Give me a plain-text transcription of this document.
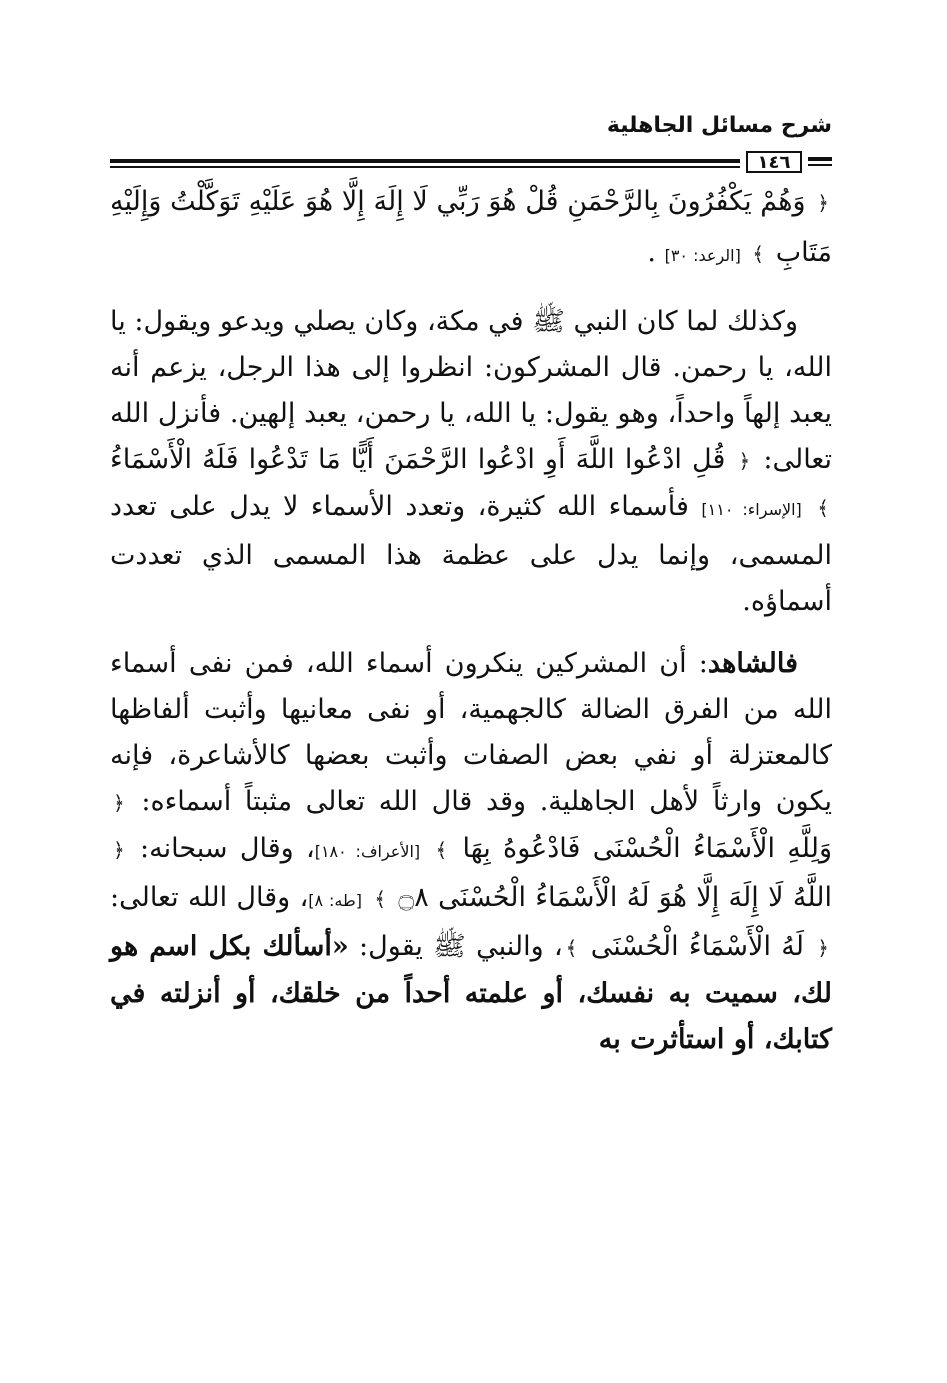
شرح مسائل الجاهلية
١٤٦

﴿ وَهُمْ يَكْفُرُونَ بِالرَّحْمَنِ قُلْ هُوَ رَبِّي لَا إِلَهَ إِلَّا هُوَ عَلَيْهِ تَوَكَّلْتُ وَإِلَيْهِ مَتَابِ ﴾ [الرعد: ٣٠] .

وكذلك لما كان النبي ﷺ في مكة، وكان يصلي ويدعو ويقول: يا الله، يا رحمن. قال المشركون: انظروا إلى هذا الرجل، يزعم أنه يعبد إلهاً واحداً، وهو يقول: يا الله، يا رحمن، يعبد إلهين. فأنزل الله تعالى: ﴿ قُلِ ادْعُوا اللَّهَ أَوِ ادْعُوا الرَّحْمَنَ أَيًّا مَا تَدْعُوا فَلَهُ الْأَسْمَاءُ ﴾ [الإسراء: ١١٠] فأسماء الله كثيرة، وتعدد الأسماء لا يدل على تعدد المسمى، وإنما يدل على عظمة هذا المسمى الذي تعددت أسماؤه.

فالشاهد: أن المشركين ينكرون أسماء الله، فمن نفى أسماء الله من الفرق الضالة كالجهمية، أو نفى معانيها وأثبت ألفاظها كالمعتزلة أو نفي بعض الصفات وأثبت بعضها كالأشاعرة، فإنه يكون وارثاً لأهل الجاهلية. وقد قال الله تعالى مثبتاً أسماءه: ﴿ وَلِلَّهِ الْأَسْمَاءُ الْحُسْنَى فَادْعُوهُ بِهَا ﴾ [الأعراف: ١٨٠]، وقال سبحانه: ﴿ اللَّهُ لَا إِلَهَ إِلَّا هُوَ لَهُ الْأَسْمَاءُ الْحُسْنَى ۝٨ ﴾ [طه: ٨]، وقال الله تعالى: ﴿ لَهُ الْأَسْمَاءُ الْحُسْنَى ﴾، والنبي ﷺ يقول: «أسألك بكل اسم هو لك، سميت به نفسك، أو علمته أحداً من خلقك، أو أنزلته في كتابك، أو استأثرت به
